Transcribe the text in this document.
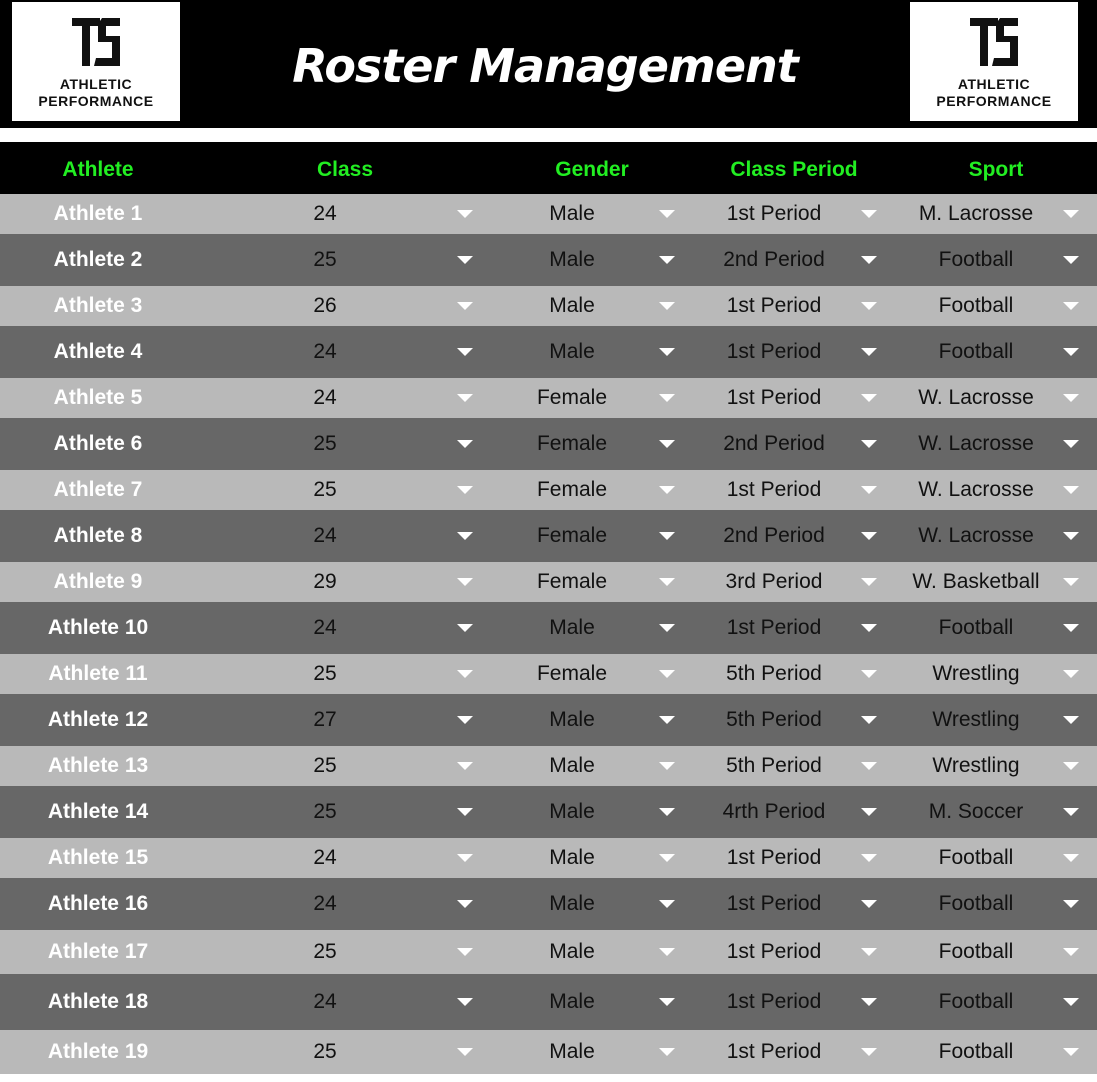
ATHLETIC
PERFORMANCE
Roster Management	ATHLETIC
PERFORMANCE
Athlete	Class	Gender	Class Period	Sport
Athlete 1	24	Male	1st Period	M. Lacrosse
Athlete 2	25	Male	2nd Period	Football
Athlete 3	26	Male	1st Period	Football
Athlete 4	24	Male	1st Period	Football
Athlete 5	24	Female	1st Period	W. Lacrosse
Athlete 6	25	Female	2nd Period	W. Lacrosse
Athlete 7	25	Female	1st Period	W. Lacrosse
Athlete 8	24	Female	2nd Period	W. Lacrosse
Athlete 9	29	Female	3rd Period	W. Basketball
Athlete 10	24	Male	1st Period	Football
Athlete 11	25	Female	5th Period	Wrestling
Athlete 12	27	Male	5th Period	Wrestling
Athlete 13	25	Male	5th Period	Wrestling
Athlete 14	25	Male	4rth Period	M. Soccer
Athlete 15	24	Male	1st Period	Football
Athlete 16	24	Male	1st Period	Football
Athlete 17	25	Male	1st Period	Football
Athlete 18	24	Male	1st Period	Football
Athlete 19	25	Male	1st Period	Football
